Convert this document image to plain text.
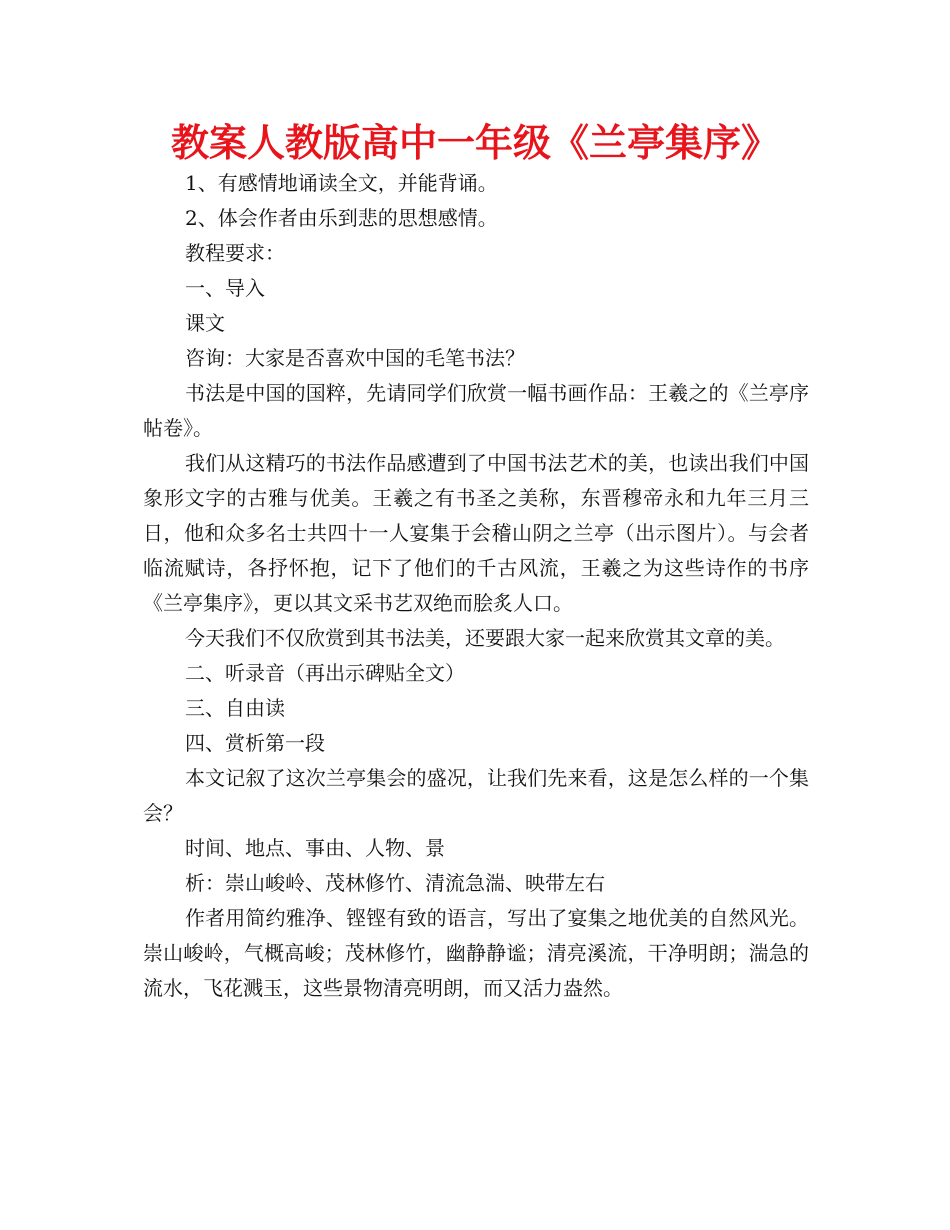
教案人教版高中一年级《兰亭集序》

1、有感情地诵读全文，并能背诵。

2、体会作者由乐到悲的思想感情。

教程要求：

一、导入

课文

咨询：大家是否喜欢中国的毛笔书法？

书法是中国的国粹，先请同学们欣赏一幅书画作品：王羲之的《兰亭序帖卷》。

我们从这精巧的书法作品感遭到了中国书法艺术的美，也读出我们中国象形文字的古雅与优美。王羲之有书圣之美称，东晋穆帝永和九年三月三日，他和众多名士共四十一人宴集于会稽山阴之兰亭（出示图片）。与会者临流赋诗，各抒怀抱，记下了他们的千古风流，王羲之为这些诗作的书序《兰亭集序》，更以其文采书艺双绝而脍炙人口。

今天我们不仅欣赏到其书法美，还要跟大家一起来欣赏其文章的美。

二、听录音（再出示碑贴全文）

三、自由读

四、赏析第一段

本文记叙了这次兰亭集会的盛况，让我们先来看，这是怎么样的一个集会？

时间、地点、事由、人物、景

析：崇山峻岭、茂林修竹、清流急湍、映带左右

作者用简约雅净、铿铿有致的语言，写出了宴集之地优美的自然风光。崇山峻岭，气概高峻；茂林修竹，幽静静谧；清亮溪流，干净明朗；湍急的流水，飞花溅玉，这些景物清亮明朗，而又活力盎然。
